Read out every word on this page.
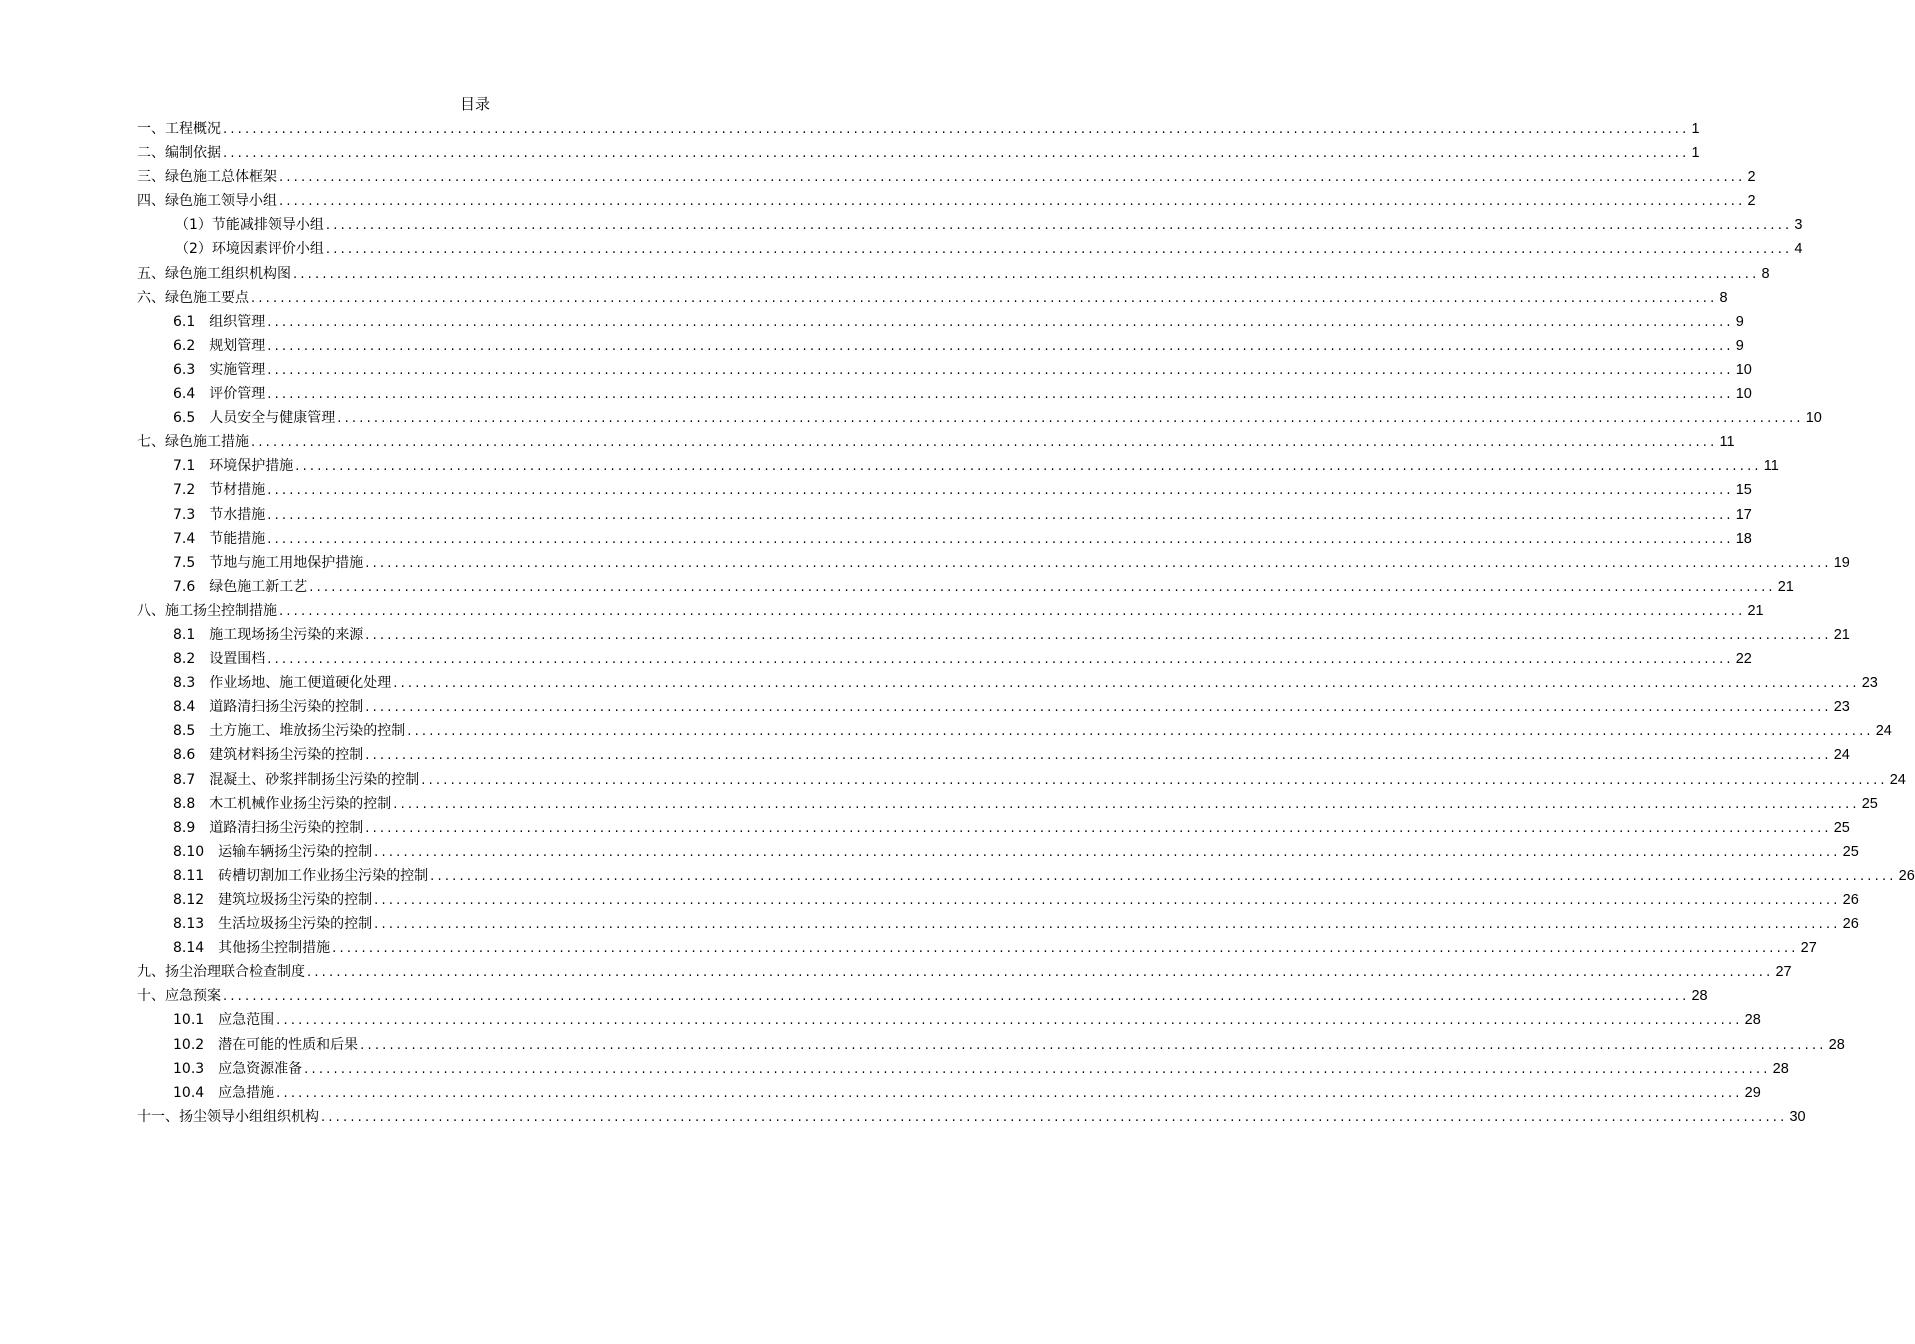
目录
一、工程概况 ........................................................................................................................................................................................................ 1
二、编制依据 ........................................................................................................................................................................................................ 1
三、绿色施工总体框架 ........................................................................................................................................................................................................ 2
四、绿色施工领导小组 ........................................................................................................................................................................................................ 2
（1）节能减排领导小组 ........................................................................................................................................................................................................ 3
（2）环境因素评价小组 ........................................................................................................................................................................................................ 4
五、绿色施工组织机构图 ........................................................................................................................................................................................................ 8
六、绿色施工要点 ........................................................................................................................................................................................................ 8
6.1　组织管理 ........................................................................................................................................................................................................ 9
6.2　规划管理 ........................................................................................................................................................................................................ 9
6.3　实施管理 ........................................................................................................................................................................................................ 10
6.4　评价管理 ........................................................................................................................................................................................................ 10
6.5　人员安全与健康管理 ........................................................................................................................................................................................................ 10
七、绿色施工措施 ........................................................................................................................................................................................................ 11
7.1　环境保护措施 ........................................................................................................................................................................................................ 11
7.2　节材措施 ........................................................................................................................................................................................................ 15
7.3　节水措施 ........................................................................................................................................................................................................ 17
7.4　节能措施 ........................................................................................................................................................................................................ 18
7.5　节地与施工用地保护措施 ........................................................................................................................................................................................................ 19
7.6　绿色施工新工艺 ........................................................................................................................................................................................................ 21
八、施工扬尘控制措施 ........................................................................................................................................................................................................ 21
8.1　施工现场扬尘污染的来源 ........................................................................................................................................................................................................ 21
8.2　设置围档 ........................................................................................................................................................................................................ 22
8.3　作业场地、施工便道硬化处理 ........................................................................................................................................................................................................ 23
8.4　道路清扫扬尘污染的控制 ........................................................................................................................................................................................................ 23
8.5　土方施工、堆放扬尘污染的控制 ........................................................................................................................................................................................................ 24
8.6　建筑材料扬尘污染的控制 ........................................................................................................................................................................................................ 24
8.7　混凝土、砂浆拌制扬尘污染的控制 ........................................................................................................................................................................................................ 24
8.8　木工机械作业扬尘污染的控制 ........................................................................................................................................................................................................ 25
8.9　道路清扫扬尘污染的控制 ........................................................................................................................................................................................................ 25
8.10　运输车辆扬尘污染的控制 ........................................................................................................................................................................................................ 25
8.11　砖槽切割加工作业扬尘污染的控制 ........................................................................................................................................................................................................ 26
8.12　建筑垃圾扬尘污染的控制 ........................................................................................................................................................................................................ 26
8.13　生活垃圾扬尘污染的控制 ........................................................................................................................................................................................................ 26
8.14　其他扬尘控制措施 ........................................................................................................................................................................................................ 27
九、扬尘治理联合检查制度 ........................................................................................................................................................................................................ 27
十、应急预案 ........................................................................................................................................................................................................ 28
10.1　应急范围 ........................................................................................................................................................................................................ 28
10.2　潜在可能的性质和后果 ........................................................................................................................................................................................................ 28
10.3　应急资源准备 ........................................................................................................................................................................................................ 28
10.4　应急措施 ........................................................................................................................................................................................................ 29
十一、扬尘领导小组组织机构 ........................................................................................................................................................................................................ 30
